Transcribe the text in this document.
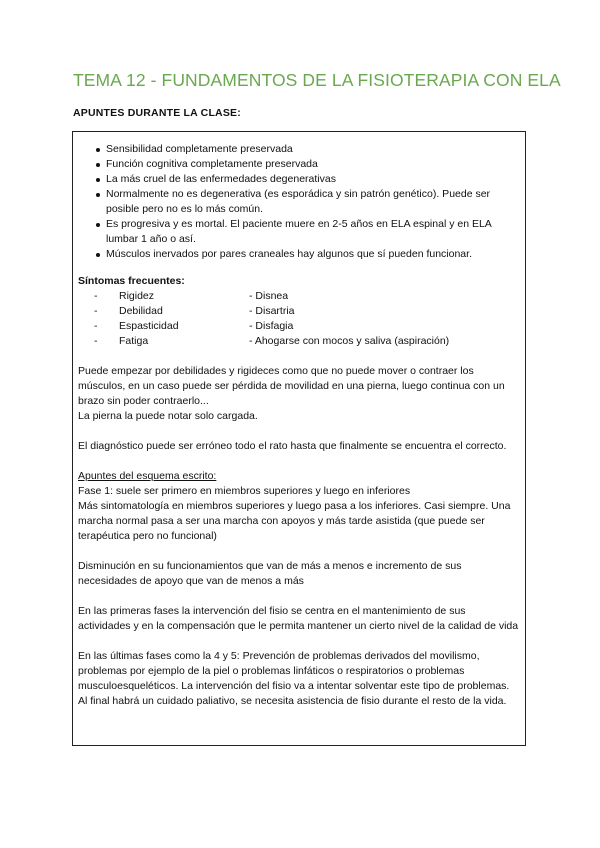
TEMA 12 - FUNDAMENTOS DE LA FISIOTERAPIA CON ELA
APUNTES DURANTE LA CLASE:
Sensibilidad completamente preservada
Función cognitiva completamente preservada
La más cruel de las enfermedades degenerativas
Normalmente no es degenerativa (es esporádica y sin patrón genético). Puede ser posible pero no es lo más común.
Es progresiva y es mortal. El paciente muere en 2-5 años en ELA espinal y en ELA lumbar 1 año o así.
Músculos inervados por pares craneales hay algunos que sí pueden funcionar.

Síntomas frecuentes:

-	Rigidez	- Disnea
-	Debilidad	- Disartria
-	Espasticidad	- Disfagia
-	Fatiga	- Ahogarse con mocos y saliva (aspiración)

Puede empezar por debilidades y rigideces como que no puede mover o contraer los músculos, en un caso puede ser pérdida de movilidad en una pierna, luego continua con un brazo sin poder contraerlo...

La pierna la puede notar solo cargada.

El diagnóstico puede ser erróneo todo el rato hasta que finalmente se encuentra el correcto.

Apuntes del esquema escrito:

Fase 1: suele ser primero en miembros superiores y luego en inferiores

Más sintomatología en miembros superiores y luego pasa a los inferiores. Casi siempre. Una marcha normal pasa a ser una marcha con apoyos y más tarde asistida (que puede ser terapéutica pero no funcional)

Disminución en su funcionamientos que van de más a menos e incremento de sus necesidades de apoyo que van de menos a más

En las primeras fases la intervención del fisio se centra en el mantenimiento de sus actividades y en la compensación que le permita mantener un cierto nivel de la calidad de vida

En las últimas fases como la 4 y 5: Prevención de problemas derivados del movilismo, problemas por ejemplo de la piel o problemas linfáticos o respiratorios o problemas musculoesqueléticos. La intervención del fisio va a intentar solventar este tipo de problemas. Al final habrá un cuidado paliativo, se necesita asistencia de fisio durante el resto de la vida.
